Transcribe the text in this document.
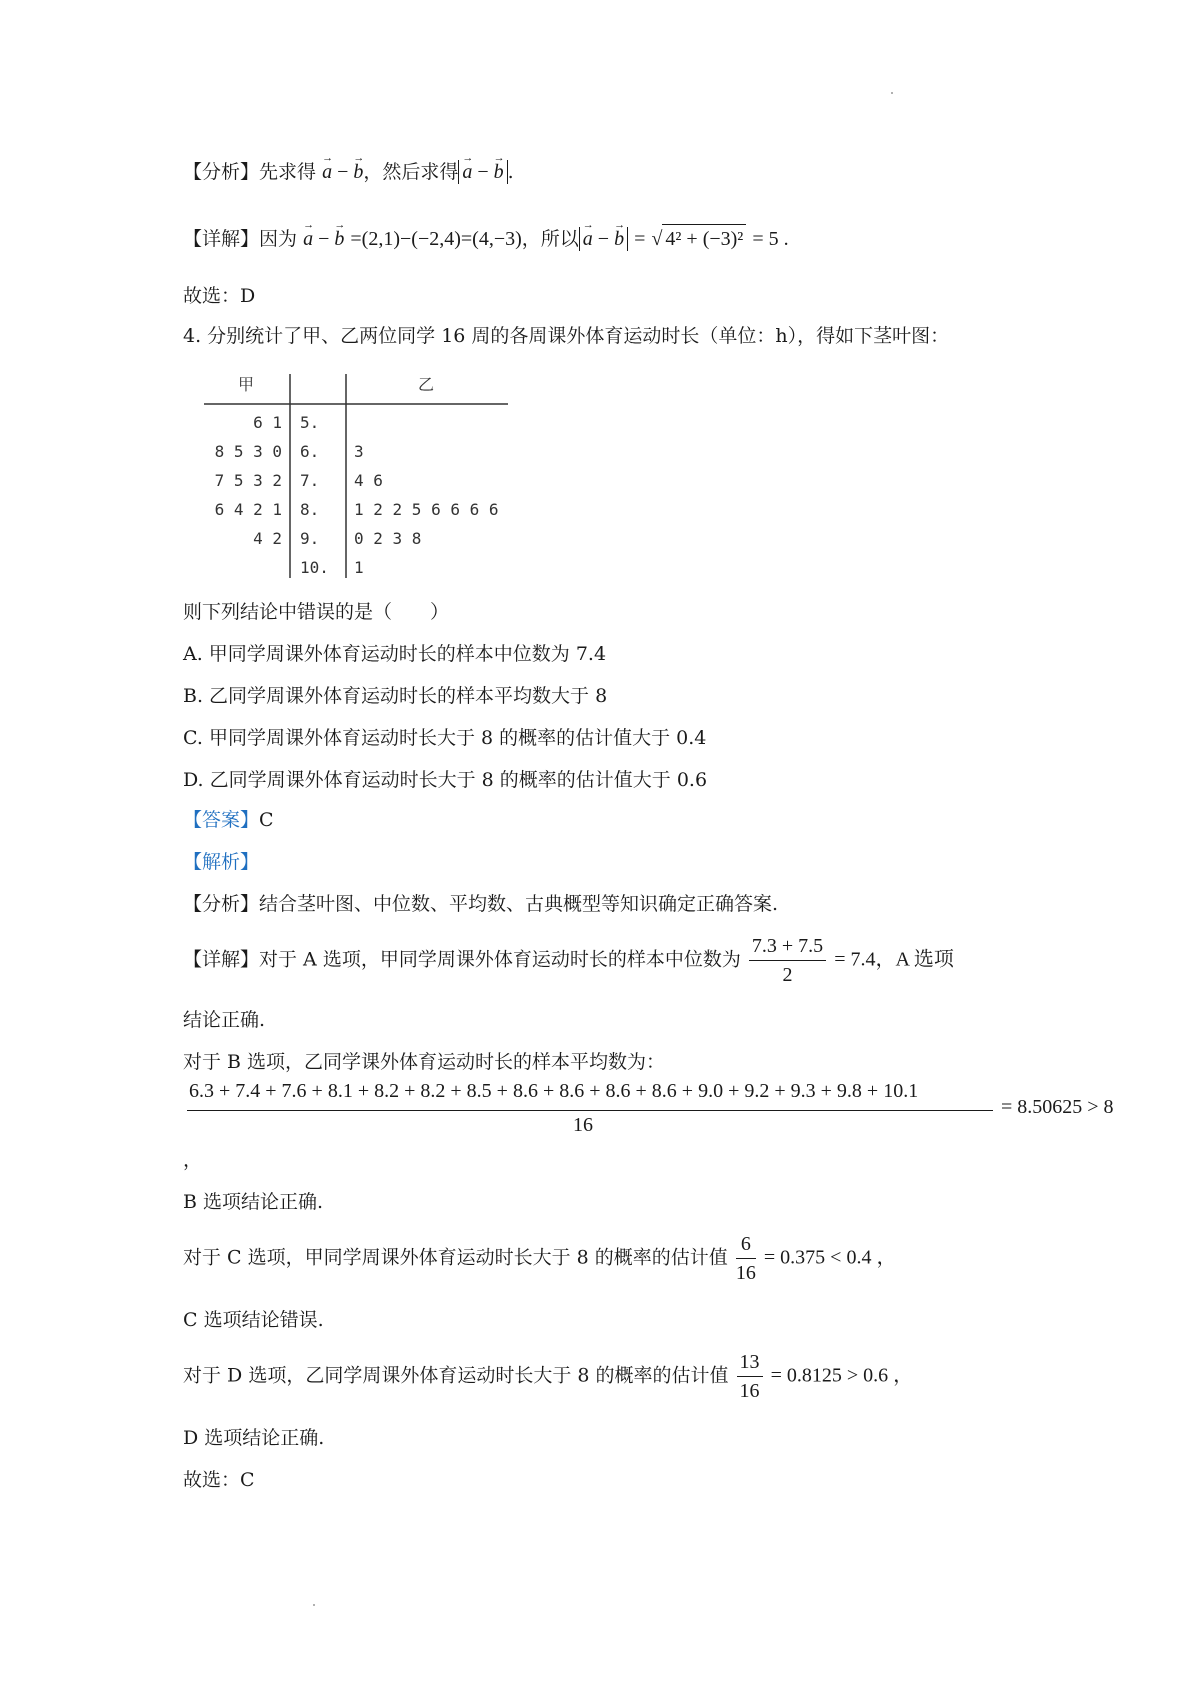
【分析】先求得 → a − → b，然后求得 → a − → b .
【详解】因为 → a − → b =(2,1)−(−2,4)=(4,−3)，所以 → a − → b = √ 4² + (−3)² = 5 .
故选：D
4. 分别统计了甲、乙两位同学 16 周的各周课外体育运动时长（单位：h），得如下茎叶图：
甲	乙
6 1 5.
8 5 3 0 6. 3
7 5 3 2 7. 4 6
6 4 2 1 8. 1 2 2 5 6 6 6 6
4 2 9. 0 2 3 8
10. 1
则下列结论中错误的是（　　）
A. 甲同学周课外体育运动时长的样本中位数为 7.4
B. 乙同学周课外体育运动时长的样本平均数大于 8
C. 甲同学周课外体育运动时长大于 8 的概率的估计值大于 0.4
D. 乙同学周课外体育运动时长大于 8 的概率的估计值大于 0.6
【答案】C
【解析】
【分析】结合茎叶图、中位数、平均数、古典概型等知识确定正确答案.
【详解】对于 A 选项，甲同学周课外体育运动时长的样本中位数为 $\frac{7.3 + 7.5}{2} = 7.4$，A 选项
结论正确.
对于 B 选项，乙同学课外体育运动时长的样本平均数为：
6.3 + 7.4 + 7.6 + 8.1 + 8.2 + 8.2 + 8.5 + 8.6 + 8.6 + 8.6 + 8.6 + 9.0 + 9.2 + 9.3 + 9.8 + 10.1
16
= 8.50625 > 8
，
B 选项结论正确.
对于 C 选项，甲同学周课外体育运动时长大于 8 的概率的估计值 $\frac{6}{16} = 0.375 < 0.4$ ，
C 选项结论错误.
对于 D 选项，乙同学周课外体育运动时长大于 8 的概率的估计值 $\frac{13}{16} = 0.8125 > 0.6$ ，
D 选项结论正确.
故选：C
